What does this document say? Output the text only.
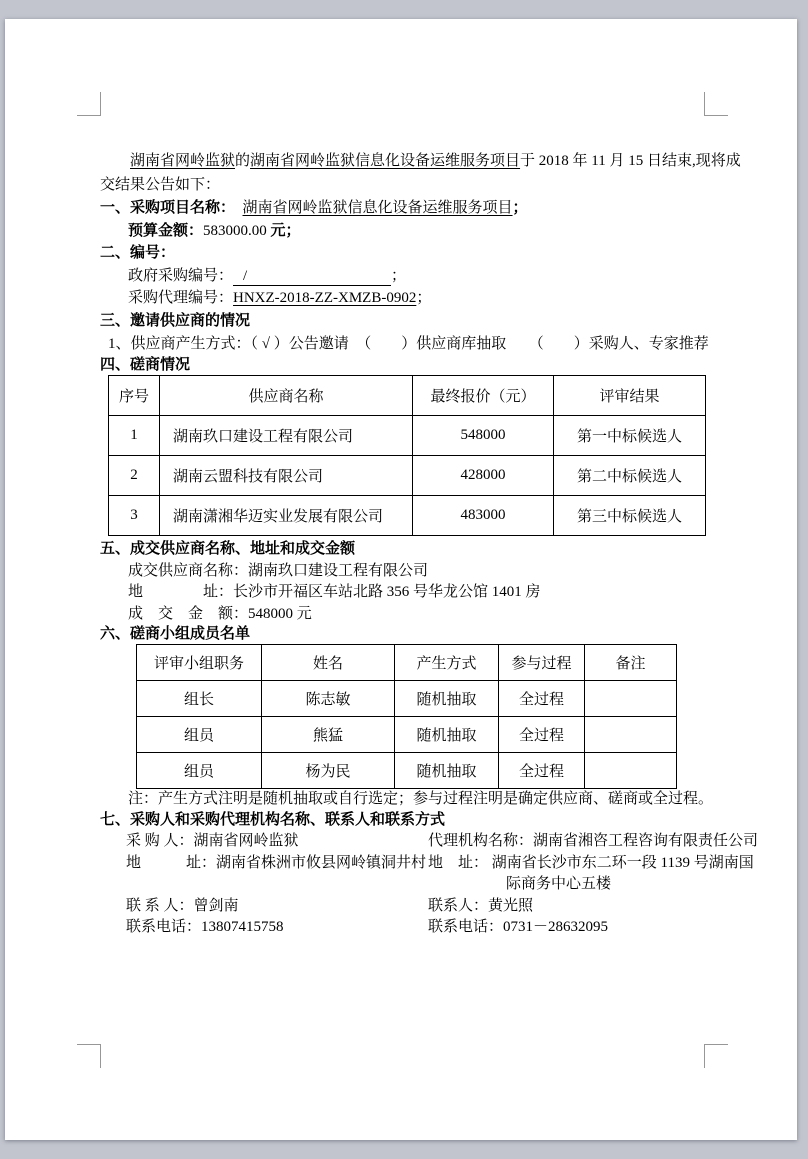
湖南省网岭监狱的湖南省网岭监狱信息化设备运维服务项目于 2018 年 11 月 15 日结束,现将成
交结果公告如下：
一、采购项目名称：　湖南省网岭监狱信息化设备运维服务项目；
预算金额：583000.00 元；
二、编号：
政府采购编号： /	；
采购代理编号：HNXZ-2018-ZZ-XMZB-0902；
三、邀请供应商的情况
1、供应商产生方式：（ √ ）公告邀请　（　　）供应商库抽取　　（　　）采购人、专家推荐
四、磋商情况
序号	供应商名称	最终报价（元）	评审结果
1	湖南玖口建设工程有限公司	548000	第一中标候选人
2	湖南云盟科技有限公司	428000	第二中标候选人
3	湖南潇湘华迈实业发展有限公司	483000	第三中标候选人
五、成交供应商名称、地址和成交金额
成交供应商名称：湖南玖口建设工程有限公司
地　　　　址：长沙市开福区车站北路 356 号华龙公馆 1401 房
成　交　金　额：548000 元
六、磋商小组成员名单
评审小组职务	姓名	产生方式	参与过程	备注
组长	陈志敏	随机抽取	全过程	
组员	熊猛	随机抽取	全过程	
组员	杨为民	随机抽取	全过程	
注：产生方式注明是随机抽取或自行选定；参与过程注明是确定供应商、磋商或全过程。
七、采购人和采购代理机构名称、联系人和联系方式
采 购 人：湖南省网岭监狱	代理机构名称：湖南省湘咨工程咨询有限责任公司
地　　　址：湖南省株洲市攸县网岭镇洞井村 地　址： 湖南省长沙市东二环一段 1139 号湖南国
际商务中心五楼
联 系 人：曾剑南	联系人：黄光照
联系电话：13807415758	联系电话：0731－28632095
